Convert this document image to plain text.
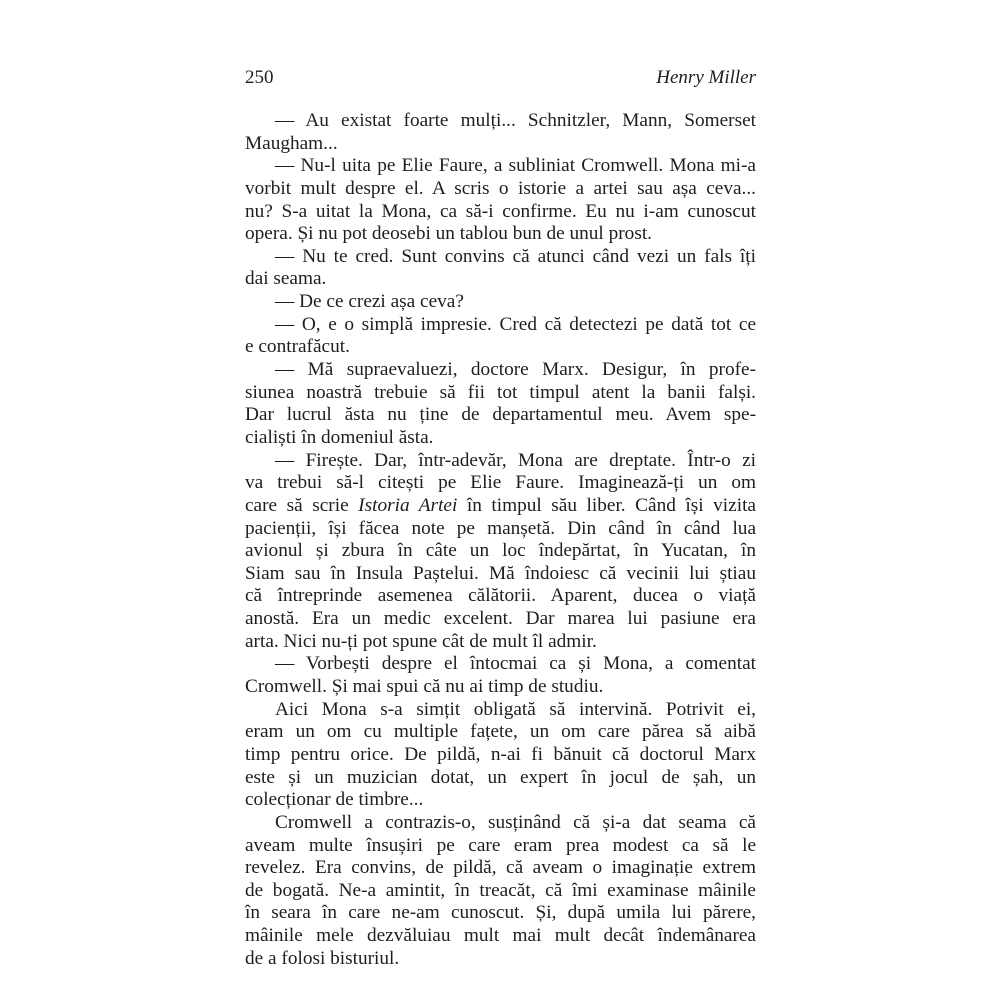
250	Henry Miller
— Au existat foarte mulți... Schnitzler, Mann, Somerset
Maugham...
— Nu-l uita pe Elie Faure, a subliniat Cromwell. Mona mi-a
vorbit mult despre el. A scris o istorie a artei sau așa ceva...
nu? S-a uitat la Mona, ca să-i confirme. Eu nu i-am cunoscut
opera. Și nu pot deosebi un tablou bun de unul prost.
— Nu te cred. Sunt convins că atunci când vezi un fals îți
dai seama.
— De ce crezi așa ceva?
— O, e o simplă impresie. Cred că detectezi pe dată tot ce
e contrafăcut.
— Mă supraevaluezi, doctore Marx. Desigur, în profe-
siunea noastră trebuie să fii tot timpul atent la banii falși.
Dar lucrul ăsta nu ține de departamentul meu. Avem spe-
cialiști în domeniul ăsta.
— Firește. Dar, într-adevăr, Mona are dreptate. Într-o zi
va trebui să-l citești pe Elie Faure. Imaginează-ți un om
care să scrie Istoria Artei în timpul său liber. Când își vizita
pacienții, își făcea note pe manșetă. Din când în când lua
avionul și zbura în câte un loc îndepărtat, în Yucatan, în
Siam sau în Insula Paștelui. Mă îndoiesc că vecinii lui știau
că întreprinde asemenea călătorii. Aparent, ducea o viață
anostă. Era un medic excelent. Dar marea lui pasiune era
arta. Nici nu-ți pot spune cât de mult îl admir.
— Vorbești despre el întocmai ca și Mona, a comentat
Cromwell. Și mai spui că nu ai timp de studiu.
Aici Mona s-a simțit obligată să intervină. Potrivit ei,
eram un om cu multiple fațete, un om care părea să aibă
timp pentru orice. De pildă, n-ai fi bănuit că doctorul Marx
este și un muzician dotat, un expert în jocul de șah, un
colecționar de timbre...
Cromwell a contrazis-o, susținând că și-a dat seama că
aveam multe însușiri pe care eram prea modest ca să le
revelez. Era convins, de pildă, că aveam o imaginație extrem
de bogată. Ne-a amintit, în treacăt, că îmi examinase mâinile
în seara în care ne-am cunoscut. Și, după umila lui părere,
mâinile mele dezvăluiau mult mai mult decât îndemânarea
de a folosi bisturiul.
